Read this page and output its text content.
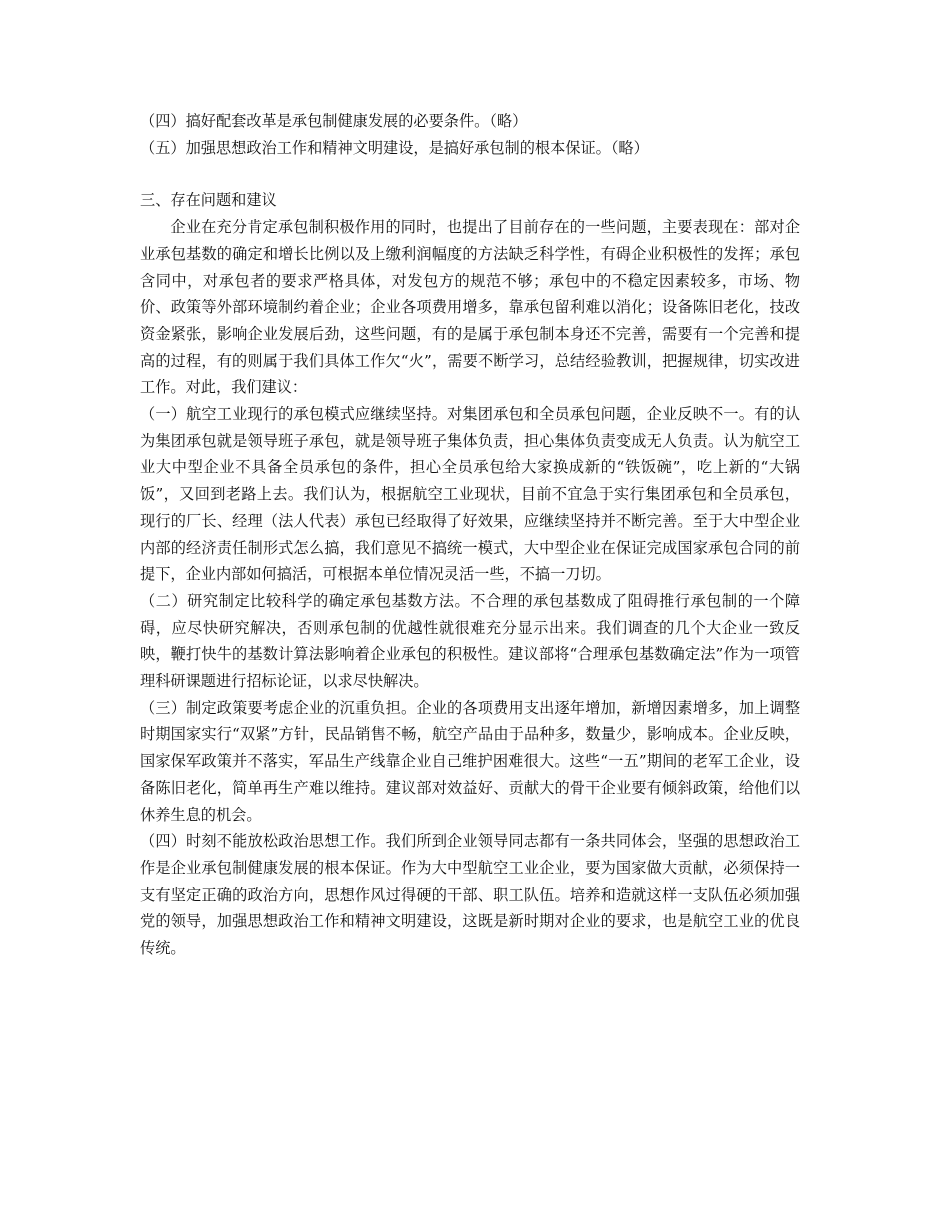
（四）搞好配套改革是承包制健康发展的必要条件。（略）

（五）加强思想政治工作和精神文明建设，是搞好承包制的根本保证。（略）

三、存在问题和建议

企业在充分肯定承包制积极作用的同时，也提出了目前存在的一些问题，主要表现在：部对企业承包基数的确定和增长比例以及上缴利润幅度的方法缺乏科学性，有碍企业积极性的发挥；承包含同中，对承包者的要求严格具体，对发包方的规范不够；承包中的不稳定因素较多，市场、物价、政策等外部环境制约着企业；企业各项费用增多，靠承包留利难以消化；设备陈旧老化，技改资金紧张，影响企业发展后劲，这些问题，有的是属于承包制本身还不完善，需要有一个完善和提高的过程，有的则属于我们具体工作欠“火”，需要不断学习，总结经验教训，把握规律，切实改进工作。对此，我们建议：

（一）航空工业现行的承包模式应继续坚持。对集团承包和全员承包问题，企业反映不一。有的认为集团承包就是领导班子承包，就是领导班子集体负责，担心集体负责变成无人负责。认为航空工业大中型企业不具备全员承包的条件，担心全员承包给大家换成新的“铁饭碗”，吃上新的“大锅饭”，又回到老路上去。我们认为，根据航空工业现状，目前不宜急于实行集团承包和全员承包，现行的厂长、经理（法人代表）承包已经取得了好效果，应继续坚持并不断完善。至于大中型企业内部的经济责任制形式怎么搞，我们意见不搞统一模式，大中型企业在保证完成国家承包合同的前提下，企业内部如何搞活，可根据本单位情况灵活一些，不搞一刀切。

（二）研究制定比较科学的确定承包基数方法。不合理的承包基数成了阻碍推行承包制的一个障碍，应尽快研究解决，否则承包制的优越性就很难充分显示出来。我们调查的几个大企业一致反映，鞭打快牛的基数计算法影响着企业承包的积极性。建议部将“合理承包基数确定法”作为一项管理科研课题进行招标论证，以求尽快解决。

（三）制定政策要考虑企业的沉重负担。企业的各项费用支出逐年增加，新增因素增多，加上调整时期国家实行“双紧”方针，民品销售不畅，航空产品由于品种多，数量少，影响成本。企业反映，国家保军政策并不落实，军品生产线靠企业自己维护困难很大。这些“一五”期间的老军工企业，设备陈旧老化，简单再生产难以维持。建议部对效益好、贡献大的骨干企业要有倾斜政策，给他们以休养生息的机会。

（四）时刻不能放松政治思想工作。我们所到企业领导同志都有一条共同体会，坚强的思想政治工作是企业承包制健康发展的根本保证。作为大中型航空工业企业，要为国家做大贡献，必须保持一支有坚定正确的政治方向，思想作风过得硬的干部、职工队伍。培养和造就这样一支队伍必须加强党的领导，加强思想政治工作和精神文明建设，这既是新时期对企业的要求，也是航空工业的优良传统。
